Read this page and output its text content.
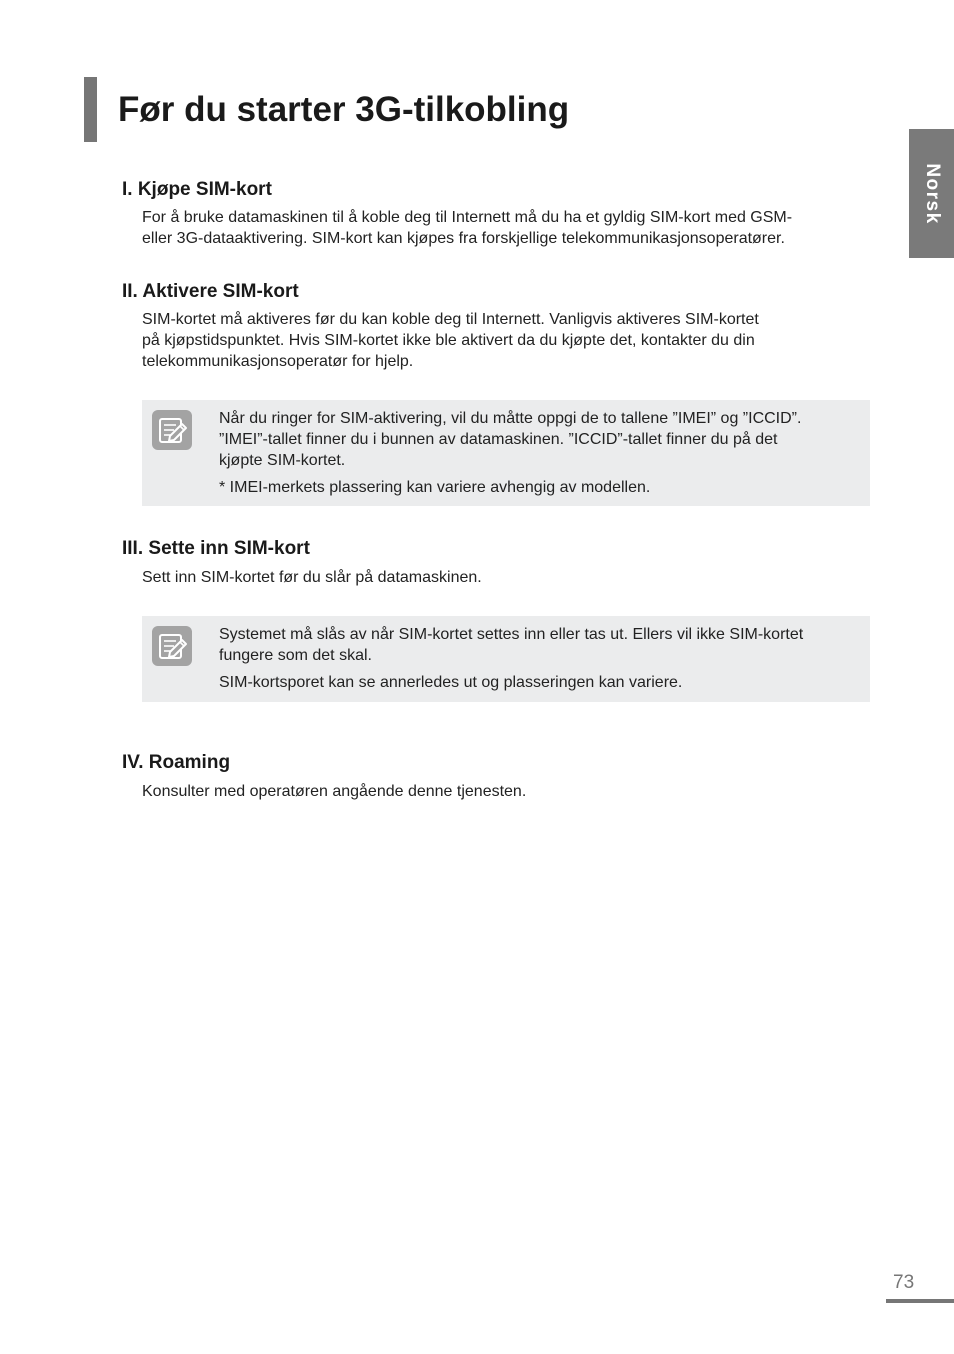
Før du starter 3G-tilkobling
Norsk
I. Kjøpe SIM-kort

For å bruke datamaskinen til å koble deg til Internett må du ha et gyldig SIM-kort med GSM-
eller 3G-dataaktivering. SIM-kort kan kjøpes fra forskjellige telekommunikasjonsoperatører.

II. Aktivere SIM-kort

SIM-kortet må aktiveres før du kan koble deg til Internett. Vanligvis aktiveres SIM-kortet
på kjøpstidspunktet. Hvis SIM-kortet ikke ble aktivert da du kjøpte det, kontakter du din
telekommunikasjonsoperatør for hjelp.

Når du ringer for SIM-aktivering, vil du måtte oppgi de to tallene ”IMEI” og ”ICCID”.
”IMEI”-tallet finner du i bunnen av datamaskinen. ”ICCID”-tallet finner du på det
kjøpte SIM-kortet.
* IMEI-merkets plassering kan variere avhengig av modellen.

III. Sette inn SIM-kort

Sett inn SIM-kortet før du slår på datamaskinen.

Systemet må slås av når SIM-kortet settes inn eller tas ut. Ellers vil ikke SIM-kortet
fungere som det skal.
SIM-kortsporet kan se annerledes ut og plasseringen kan variere.

IV. Roaming

Konsulter med operatøren angående denne tjenesten.

73
